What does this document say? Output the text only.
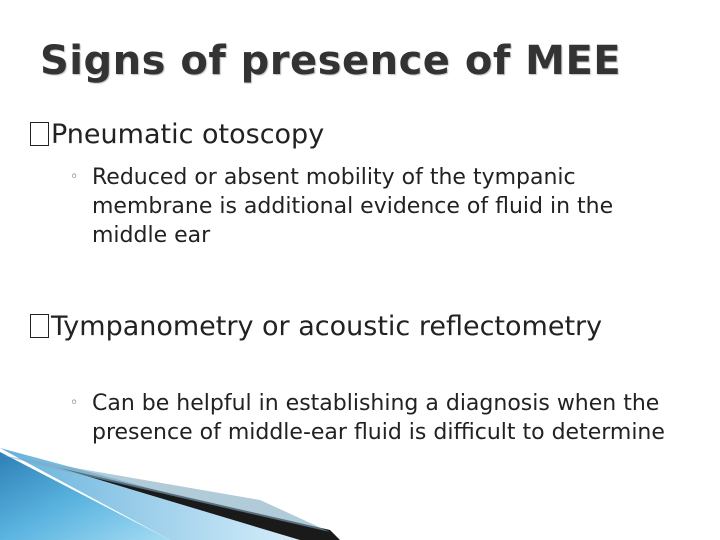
Signs of presence of MEE
Pneumatic otoscopy
◦ Reduced or absent mobility of the tympanic membrane is additional evidence of fluid in the middle ear
Tympanometry or acoustic reflectometry
◦ Can be helpful in establishing a diagnosis when the presence of middle-ear fluid is difficult to determine
